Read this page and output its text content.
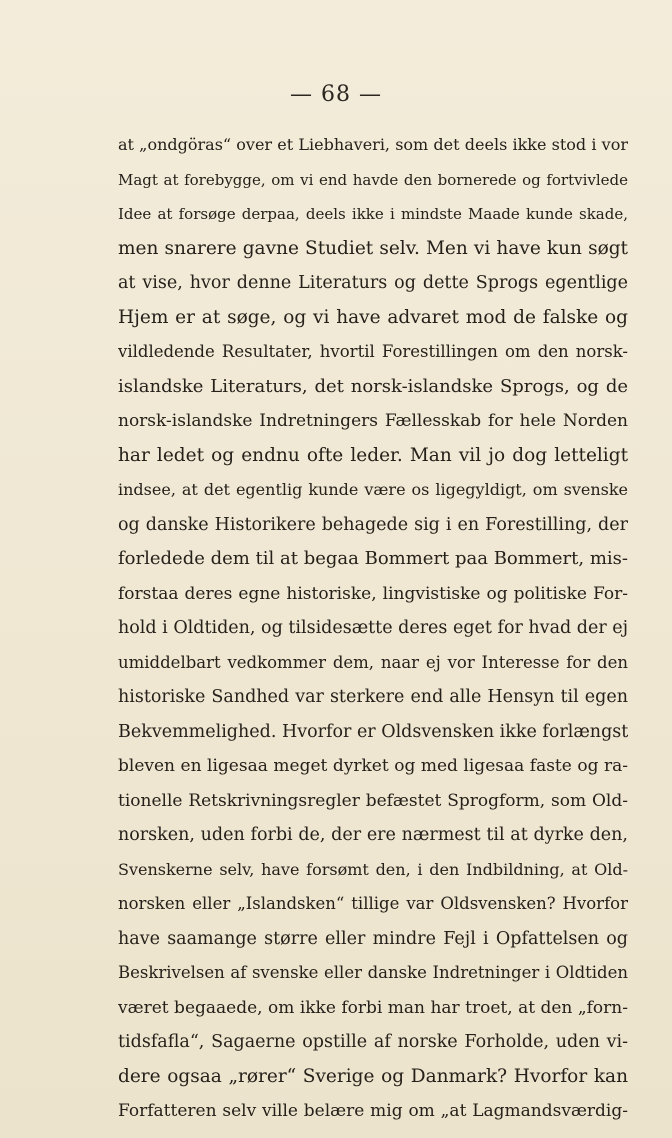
— 68 —
at „ondgöras“ over et Liebhaveri, som det deels ikke stod i vor
Magt at forebygge, om vi end havde den bornerede og fortvivlede
Idee at forsøge derpaa, deels ikke i mindste Maade kunde skade,
men snarere gavne Studiet selv. Men vi have kun søgt
at vise, hvor denne Literaturs og dette Sprogs egentlige
Hjem er at søge, og vi have advaret mod de falske og
vildledende Resultater, hvortil Forestillingen om den norsk-
islandske Literaturs, det norsk-islandske Sprogs, og de
norsk-islandske Indretningers Fællesskab for hele Norden
har ledet og endnu ofte leder. Man vil jo dog letteligt
indsee, at det egentlig kunde være os ligegyldigt, om svenske
og danske Historikere behagede sig i en Forestilling, der
forledede dem til at begaa Bommert paa Bommert, mis-
forstaa deres egne historiske, lingvistiske og politiske For-
hold i Oldtiden, og tilsidesætte deres eget for hvad der ej
umiddelbart vedkommer dem, naar ej vor Interesse for den
historiske Sandhed var sterkere end alle Hensyn til egen
Bekvemmelighed. Hvorfor er Oldsvensken ikke forlængst
bleven en ligesaa meget dyrket og med ligesaa faste og ra-
tionelle Retskrivningsregler befæstet Sprogform, som Old-
norsken, uden forbi de, der ere nærmest til at dyrke den,
Svenskerne selv, have forsømt den, i den Indbildning, at Old-
norsken eller „Islandsken“ tillige var Oldsvensken? Hvorfor
have saamange større eller mindre Fejl i Opfattelsen og
Beskrivelsen af svenske eller danske Indretninger i Oldtiden
været begaaede, om ikke forbi man har troet, at den „forn-
tidsfafla“, Sagaerne opstille af norske Forholde, uden vi-
dere ogsaa „rører“ Sverige og Danmark? Hvorfor kan
Forfatteren selv ville belære mig om „at Lagmandsværdig-
